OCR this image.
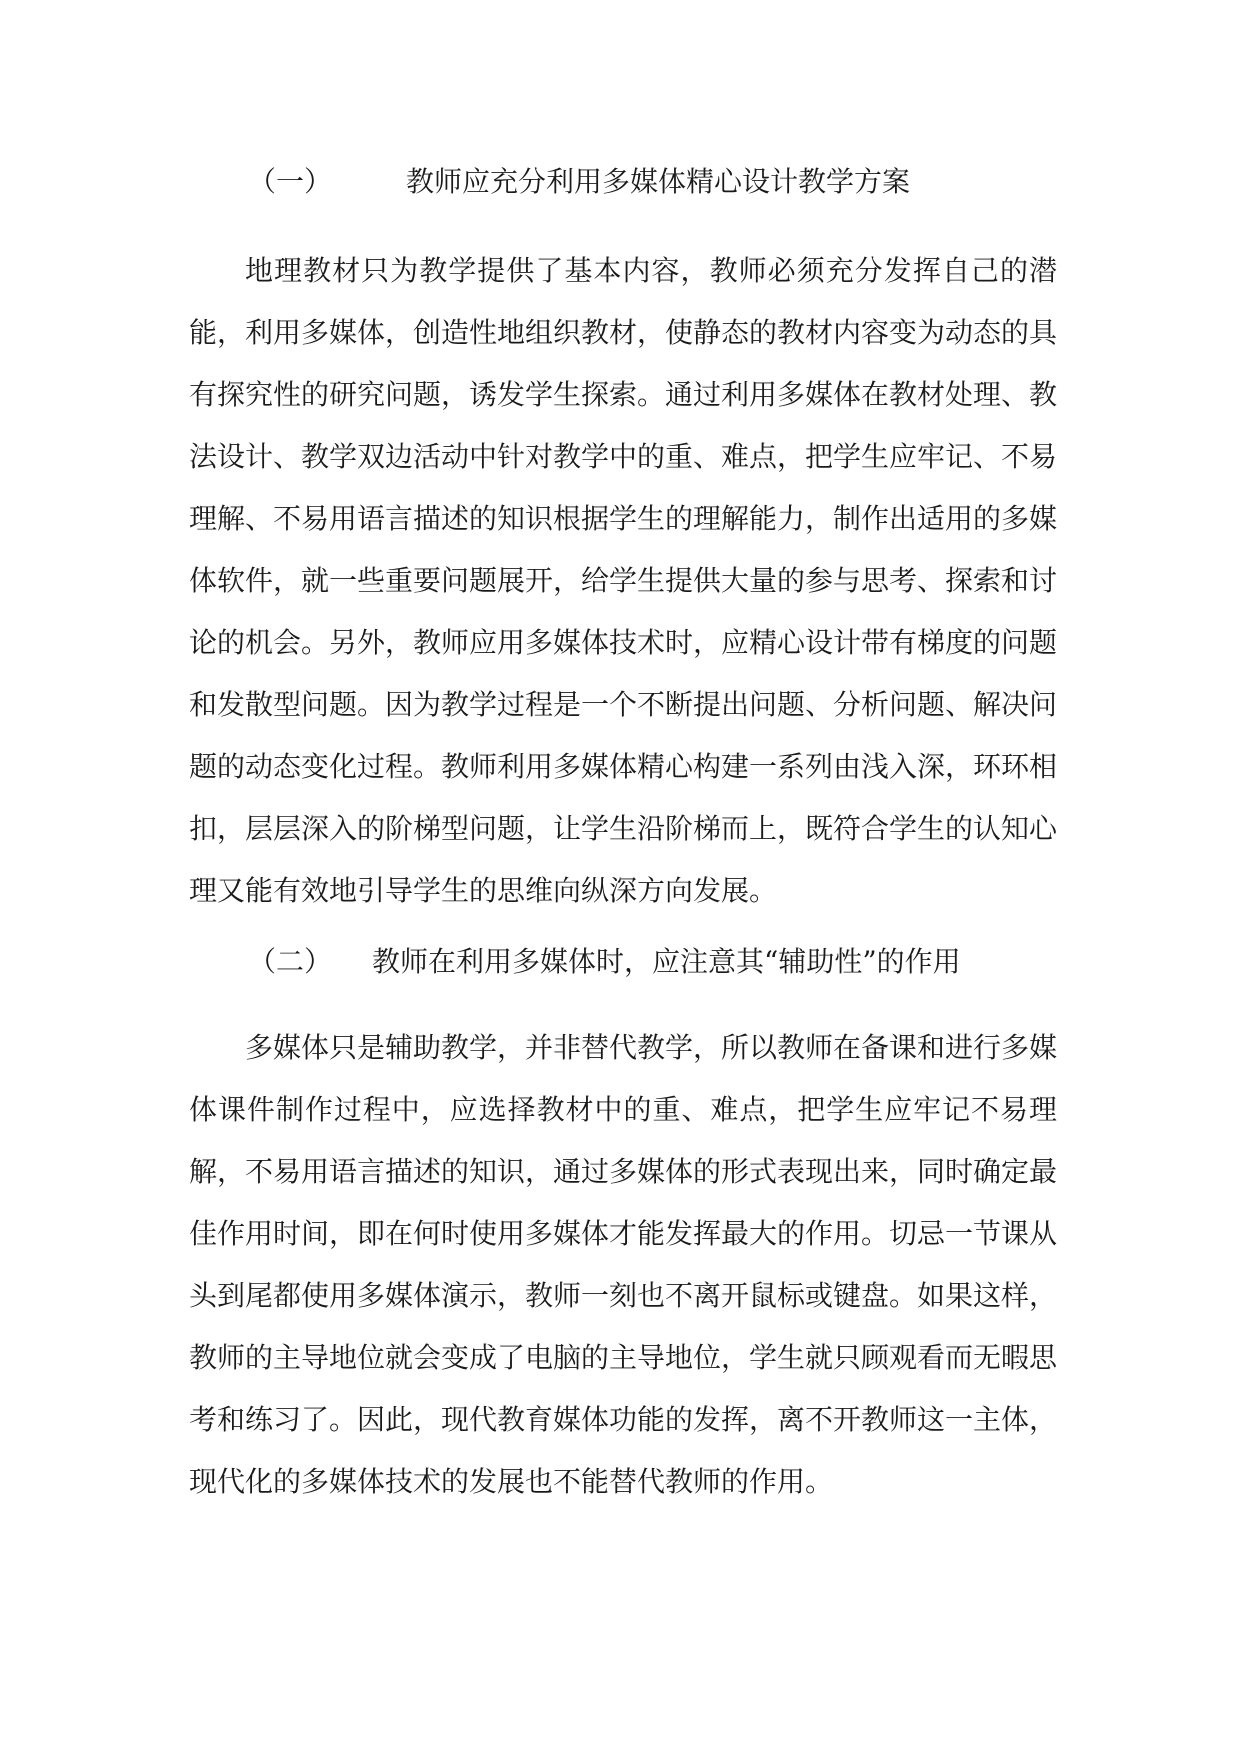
（一）	教师应充分利用多媒体精心设计教学方案

地理教材只为教学提供了基本内容，教师必须充分发挥自己的潜能，利用多媒体，创造性地组织教材，使静态的教材内容变为动态的具有探究性的研究问题，诱发学生探索。通过利用多媒体在教材处理、教法设计、教学双边活动中针对教学中的重、难点，把学生应牢记、不易理解、不易用语言描述的知识根据学生的理解能力，制作出适用的多媒体软件，就一些重要问题展开，给学生提供大量的参与思考、探索和讨论的机会。另外，教师应用多媒体技术时，应精心设计带有梯度的问题和发散型问题。因为教学过程是一个不断提出问题、分析问题、解决问题的动态变化过程。教师利用多媒体精心构建一系列由浅入深，环环相扣，层层深入的阶梯型问题，让学生沿阶梯而上，既符合学生的认知心理又能有效地引导学生的思维向纵深方向发展。

（二） 教师在利用多媒体时，应注意其“辅助性”的作用

多媒体只是辅助教学，并非替代教学，所以教师在备课和进行多媒体课件制作过程中，应选择教材中的重、难点，把学生应牢记不易理解，不易用语言描述的知识，通过多媒体的形式表现出来，同时确定最佳作用时间，即在何时使用多媒体才能发挥最大的作用。切忌一节课从头到尾都使用多媒体演示，教师一刻也不离开鼠标或键盘。如果这样，教师的主导地位就会变成了电脑的主导地位，学生就只顾观看而无暇思考和练习了。因此，现代教育媒体功能的发挥，离不开教师这一主体，现代化的多媒体技术的发展也不能替代教师的作用。
